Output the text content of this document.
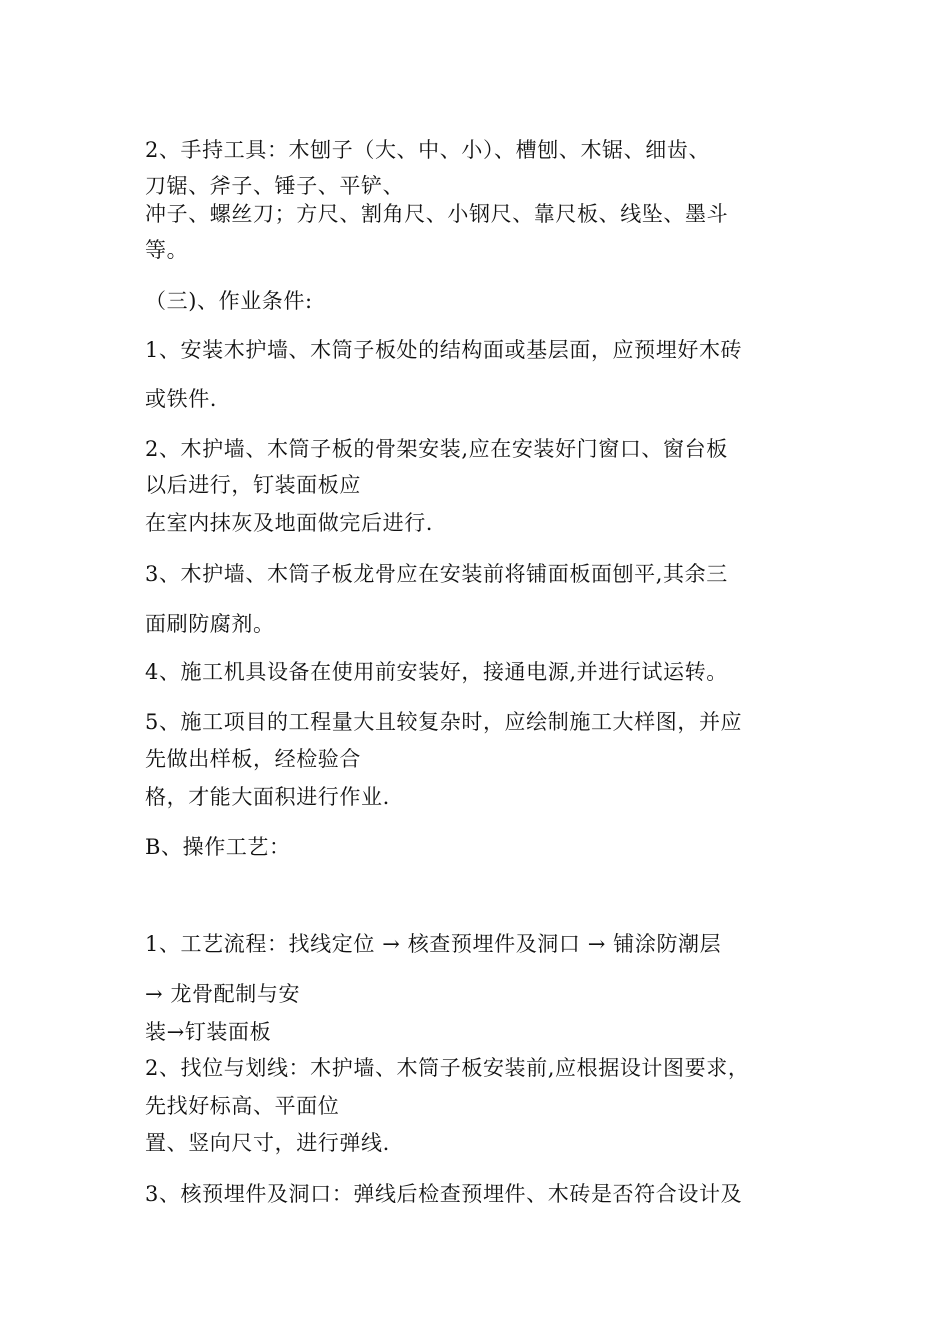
2、手持工具：木刨子（大、中、小）、槽刨、木锯、细齿、
刀锯、斧子、锤子、平铲、
冲子、螺丝刀；方尺、割角尺、小钢尺、靠尺板、线坠、墨斗
等。
（三)、作业条件:
1、安装木护墙、木筒子板处的结构面或基层面，应预埋好木砖
或铁件.
2、木护墙、木筒子板的骨架安装,应在安装好门窗口、窗台板
以后进行，钉装面板应
在室内抹灰及地面做完后进行.
3、木护墙、木筒子板龙骨应在安装前将铺面板面刨平,其余三
面刷防腐剂。
4、施工机具设备在使用前安装好，接通电源,并进行试运转。
5、施工项目的工程量大且较复杂时，应绘制施工大样图，并应
先做出样板，经检验合
格，才能大面积进行作业.
B、操作工艺：
1、工艺流程：找线定位 → 核查预埋件及洞口 → 铺涂防潮层
→ 龙骨配制与安
装→钉装面板
2、找位与划线：木护墙、木筒子板安装前,应根据设计图要求，
先找好标高、平面位
置、竖向尺寸，进行弹线.
3、核预埋件及洞口：弹线后检查预埋件、木砖是否符合设计及
